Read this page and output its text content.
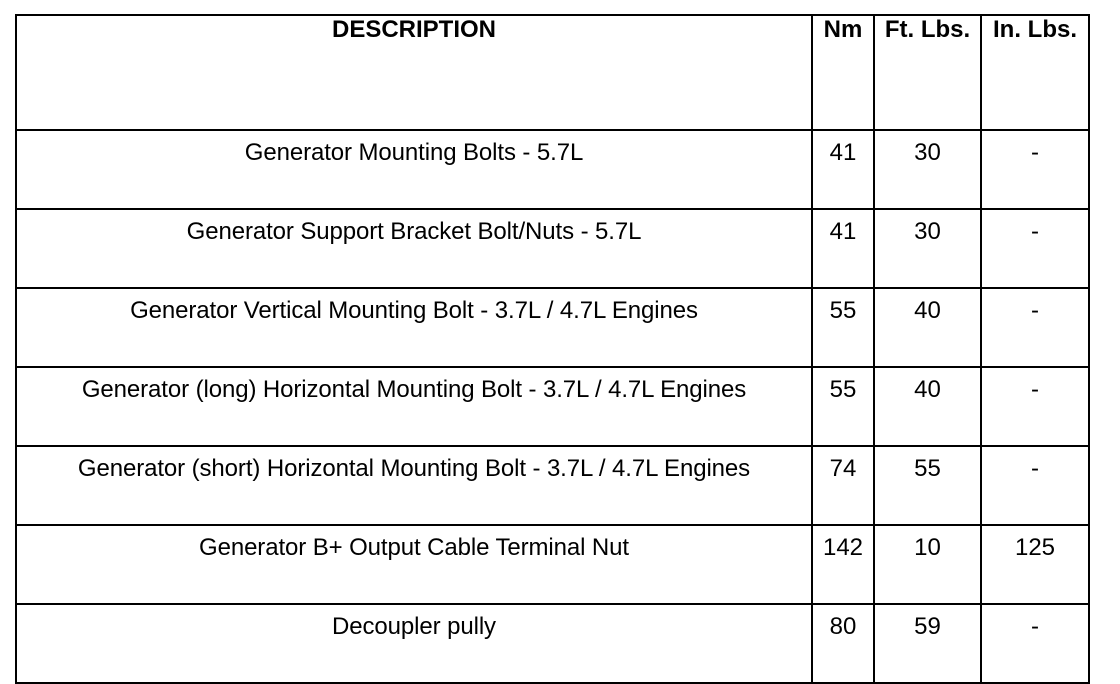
DESCRIPTION	Nm	Ft. Lbs.	In. Lbs.
Generator Mounting Bolts - 5.7L	41	30	-
Generator Support Bracket Bolt/Nuts - 5.7L	41	30	-
Generator Vertical Mounting Bolt - 3.7L / 4.7L Engines	55	40	-
Generator (long) Horizontal Mounting Bolt - 3.7L / 4.7L Engines	55	40	-
Generator (short) Horizontal Mounting Bolt - 3.7L / 4.7L Engines	74	55	-
Generator B+ Output Cable Terminal Nut	142	10	125
Decoupler pully	80	59	-
